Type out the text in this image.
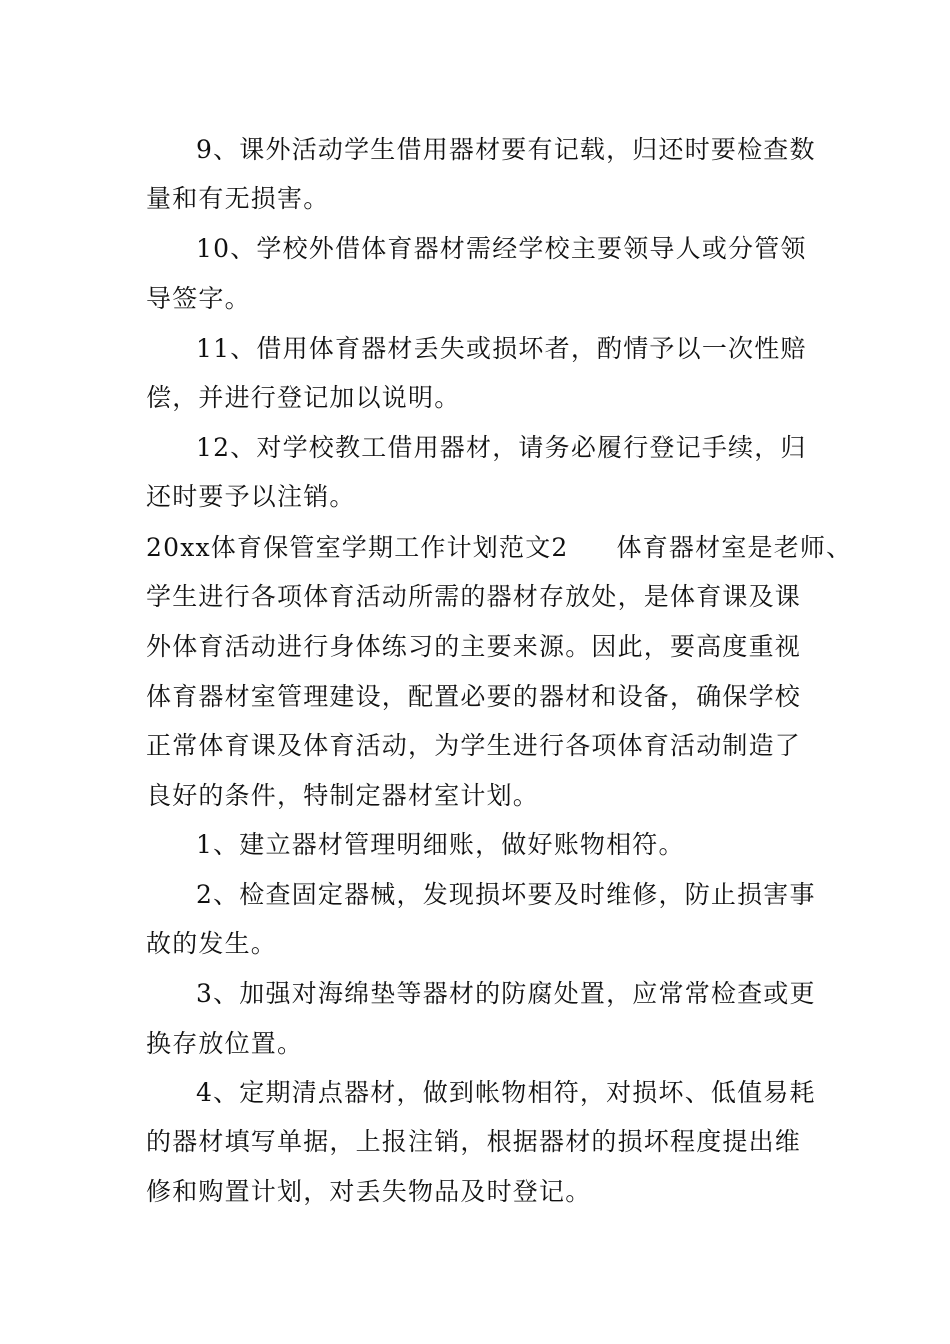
9、课外活动学生借用器材要有记载，归还时要检查数
量和有无损害。
10、学校外借体育器材需经学校主要领导人或分管领
导签字。
11、借用体育器材丢失或损坏者，酌情予以一次性赔
偿，并进行登记加以说明。
12、对学校教工借用器材，请务必履行登记手续，归
还时要予以注销。
20xx体育保管室学期工作计划范文2 体育器材室是老师、
学生进行各项体育活动所需的器材存放处，是体育课及课
外体育活动进行身体练习的主要来源。因此，要高度重视
体育器材室管理建设，配置必要的器材和设备，确保学校
正常体育课及体育活动，为学生进行各项体育活动制造了
良好的条件，特制定器材室计划。
1、建立器材管理明细账，做好账物相符。
2、检查固定器械，发现损坏要及时维修，防止损害事
故的发生。
3、加强对海绵垫等器材的防腐处置，应常常检查或更
换存放位置。
4、定期清点器材，做到帐物相符，对损坏、低值易耗
的器材填写单据，上报注销，根据器材的损坏程度提出维
修和购置计划，对丢失物品及时登记。
